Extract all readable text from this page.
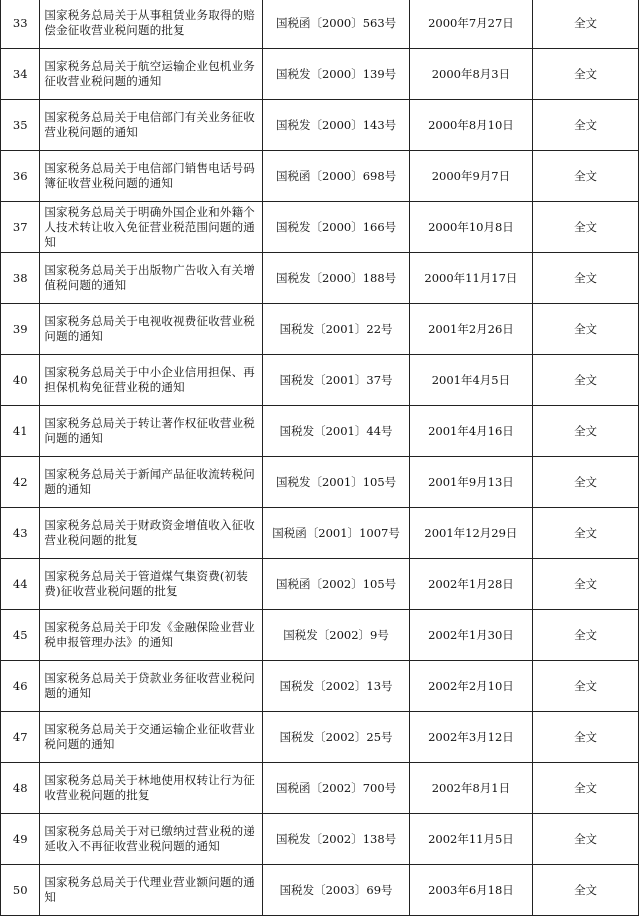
33	国家税务总局关于从事租赁业务取得的赔偿金征收营业税问题的批复	国税函〔2000〕563号	2000年7月27日	全文
34	国家税务总局关于航空运输企业包机业务征收营业税问题的通知	国税发〔2000〕139号	2000年8月3日	全文
35	国家税务总局关于电信部门有关业务征收营业税问题的通知	国税发〔2000〕143号	2000年8月10日	全文
36	国家税务总局关于电信部门销售电话号码簿征收营业税问题的通知	国税函〔2000〕698号	2000年9月7日	全文
37	国家税务总局关于明确外国企业和外籍个人技术转让收入免征营业税范围问题的通知	国税发〔2000〕166号	2000年10月8日	全文
38	国家税务总局关于出版物广告收入有关增值税问题的通知	国税发〔2000〕188号	2000年11月17日	全文
39	国家税务总局关于电视收视费征收营业税问题的通知	国税发〔2001〕22号	2001年2月26日	全文
40	国家税务总局关于中小企业信用担保、再担保机构免征营业税的通知	国税发〔2001〕37号	2001年4月5日	全文
41	国家税务总局关于转让著作权征收营业税问题的通知	国税发〔2001〕44号	2001年4月16日	全文
42	国家税务总局关于新闻产品征收流转税问题的通知	国税发〔2001〕105号	2001年9月13日	全文
43	国家税务总局关于财政资金增值收入征收营业税问题的批复	国税函〔2001〕1007号	2001年12月29日	全文
44	国家税务总局关于管道煤气集资费(初装费)征收营业税问题的批复	国税函〔2002〕105号	2002年1月28日	全文
45	国家税务总局关于印发《金融保险业营业税申报管理办法》的通知	国税发〔2002〕9号	2002年1月30日	全文
46	国家税务总局关于贷款业务征收营业税问题的通知	国税发〔2002〕13号	2002年2月10日	全文
47	国家税务总局关于交通运输企业征收营业税问题的通知	国税发〔2002〕25号	2002年3月12日	全文
48	国家税务总局关于林地使用权转让行为征收营业税问题的批复	国税函〔2002〕700号	2002年8月1日	全文
49	国家税务总局关于对已缴纳过营业税的递延收入不再征收营业税问题的通知	国税发〔2002〕138号	2002年11月5日	全文
50	国家税务总局关于代理业营业额问题的通知	国税发〔2003〕69号	2003年6月18日	全文
